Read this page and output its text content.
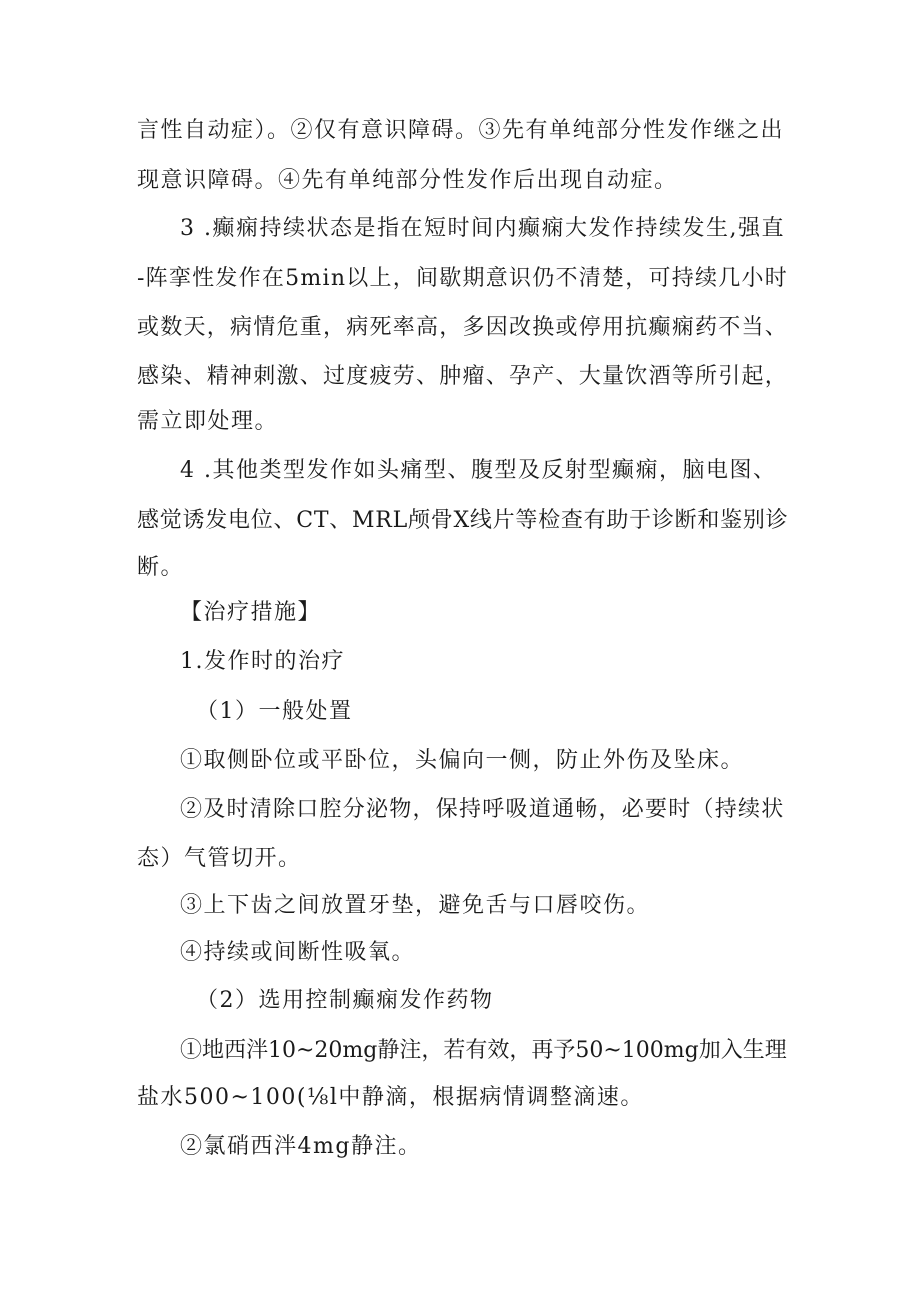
言性自动症）。②仅有意识障碍。③先有单纯部分性发作继之出
现意识障碍。④先有单纯部分性发作后出现自动症。
3 .癫痫持续状态是指在短时间内癫痫大发作持续发生,强直
-阵挛性发作在5min以上，间歇期意识仍不清楚，可持续几小时
或数天，病情危重，病死率高，多因改换或停用抗癫痫药不当、
感染、精神刺激、过度疲劳、肿瘤、孕产、大量饮酒等所引起，
需立即处理。
4 .其他类型发作如头痛型、腹型及反射型癫痫，脑电图、
感觉诱发电位、CT、MRL颅骨X线片等检查有助于诊断和鉴别诊
断。
【治疗措施】
1.发作时的治疗
（1）一般处置
①取侧卧位或平卧位，头偏向一侧，防止外伤及坠床。
②及时清除口腔分泌物，保持呼吸道通畅，必要时（持续状
态）气管切开。
③上下齿之间放置牙垫，避免舌与口唇咬伤。
④持续或间断性吸氧。
（2）选用控制癫痫发作药物
①地西泮10~20mg静注，若有效，再予50~100mg加入生理
盐水500~100(⅛l中静滴，根据病情调整滴速。
②氯硝西泮4mg静注。
